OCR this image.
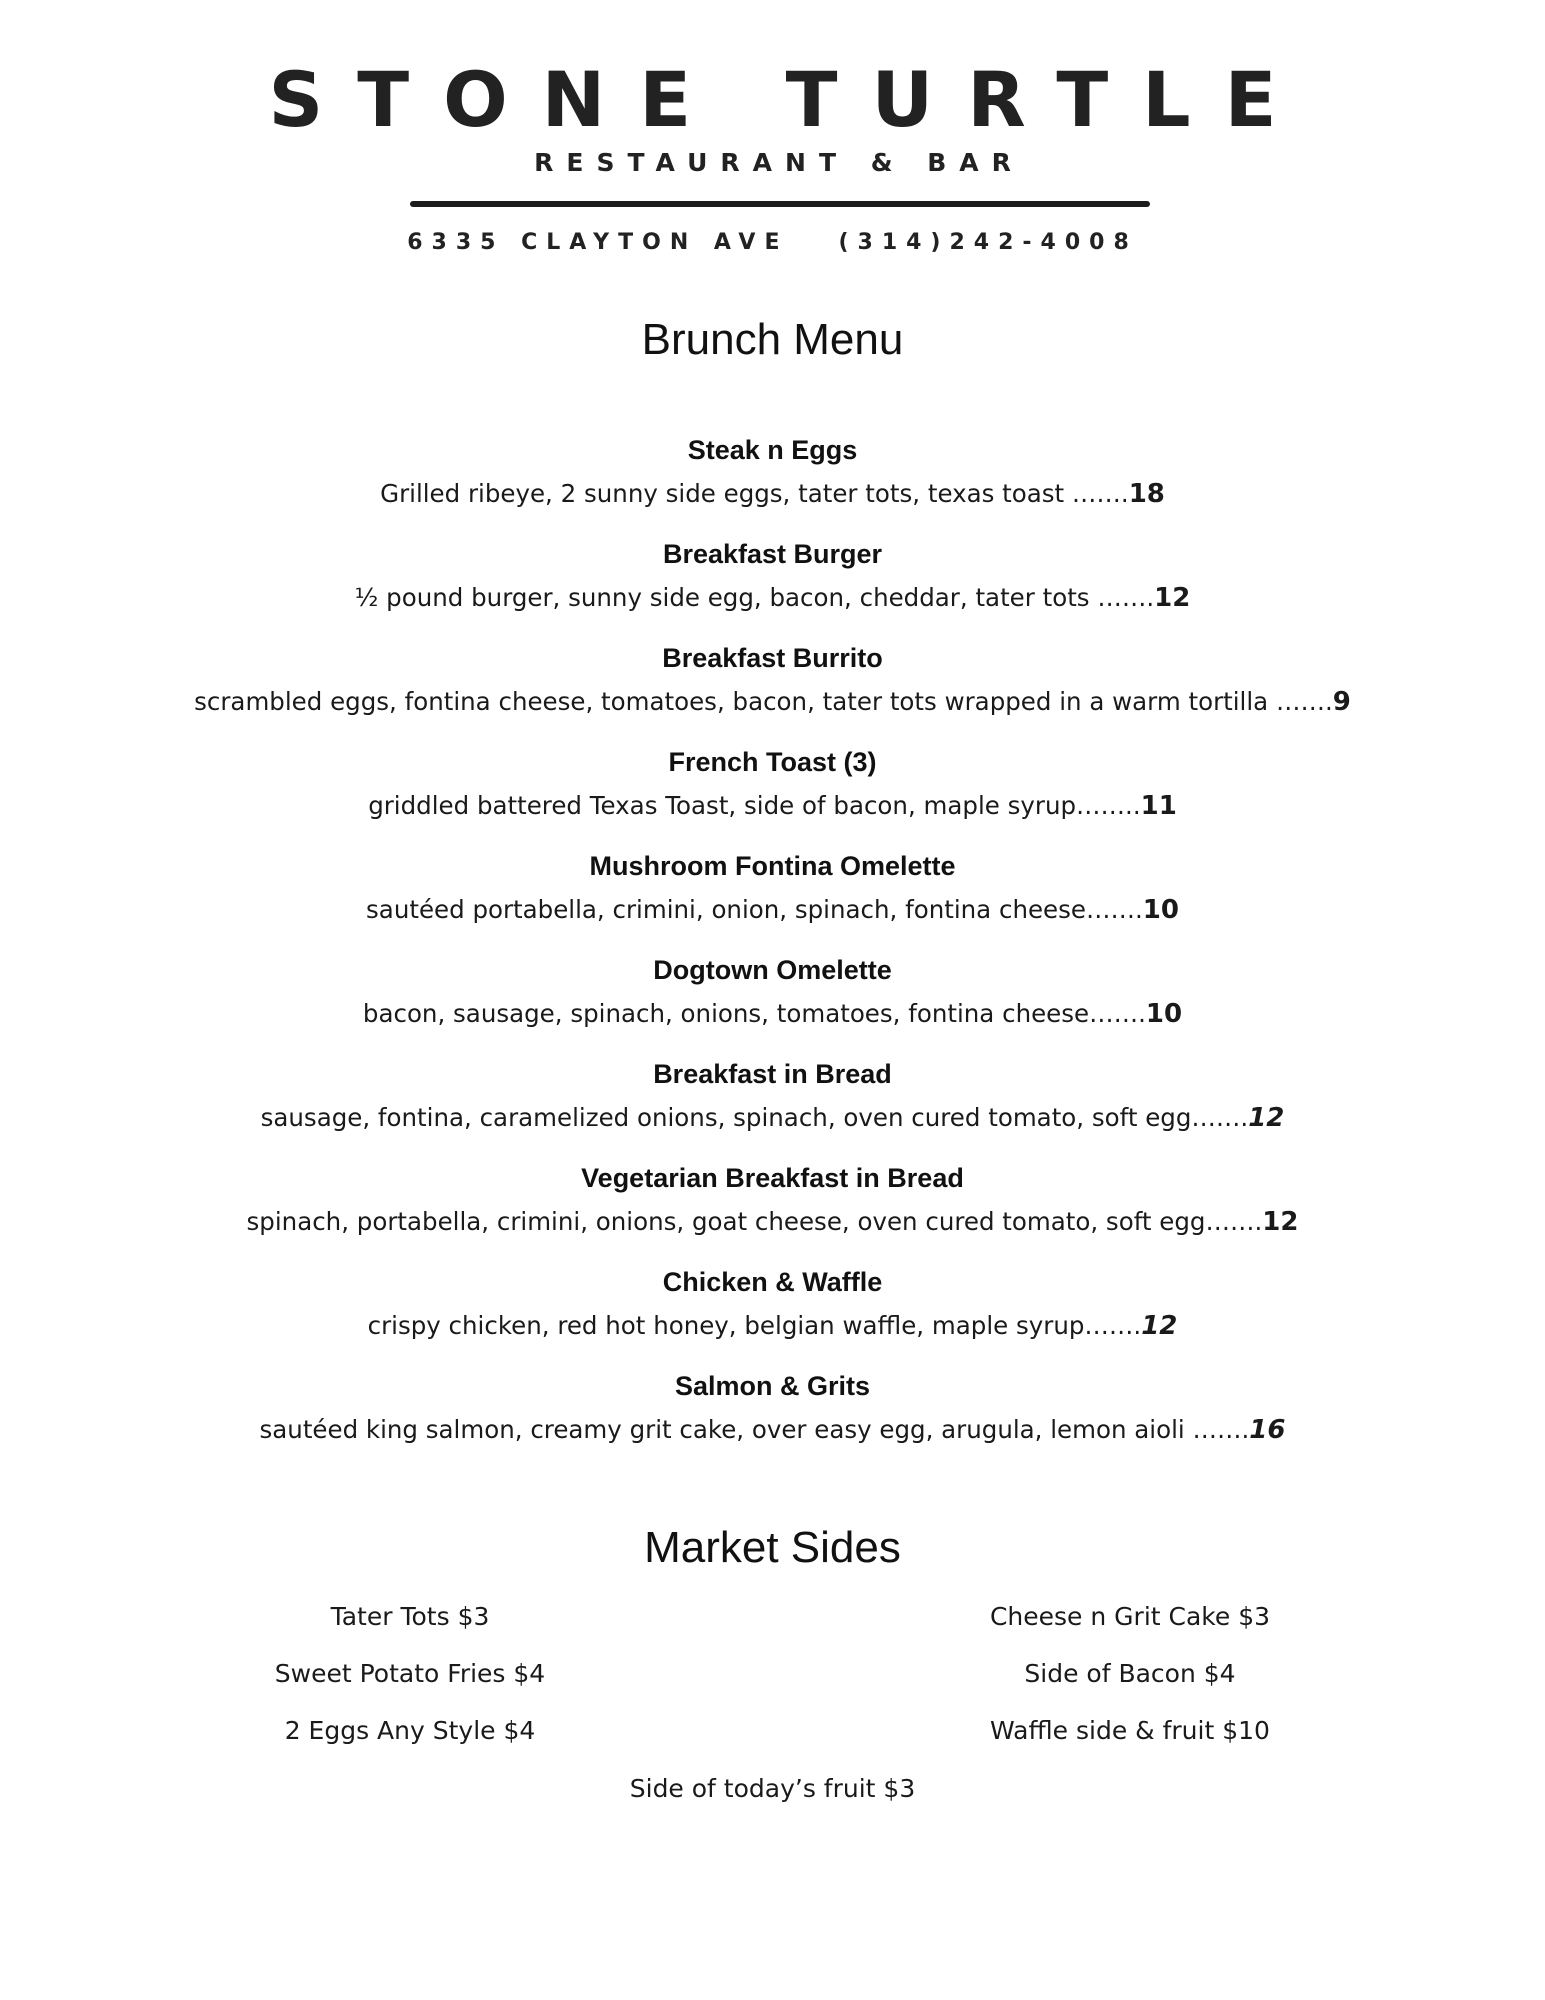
STONE TURTLE
RESTAURANT & BAR
6335 CLAYTON AVE   (314)242-4008
Brunch Menu
Steak n Eggs
Grilled ribeye, 2 sunny side eggs, tater tots, texas toast …….18
Breakfast Burger
½ pound burger, sunny side egg, bacon, cheddar, tater tots …….12
Breakfast Burrito
scrambled eggs, fontina cheese, tomatoes, bacon, tater tots wrapped in a warm tortilla …….9
French Toast (3)
griddled battered Texas Toast, side of bacon, maple syrup……..11
Mushroom Fontina Omelette
sautéed portabella, crimini, onion, spinach, fontina cheese…….10
Dogtown Omelette
bacon, sausage, spinach, onions, tomatoes, fontina cheese…….10
Breakfast in Bread
sausage, fontina, caramelized onions, spinach, oven cured tomato, soft egg…….12
Vegetarian Breakfast in Bread
spinach, portabella, crimini, onions, goat cheese, oven cured tomato, soft egg…….12
Chicken & Waffle
crispy chicken, red hot honey, belgian waffle, maple syrup…….12
Salmon & Grits
sautéed king salmon, creamy grit cake, over easy egg, arugula, lemon aioli …….16
Market Sides
Tater Tots $3
Sweet Potato Fries $4
2 Eggs Any Style $4
Cheese n Grit Cake $3
Side of Bacon $4
Waffle side & fruit $10
Side of today’s fruit $3
